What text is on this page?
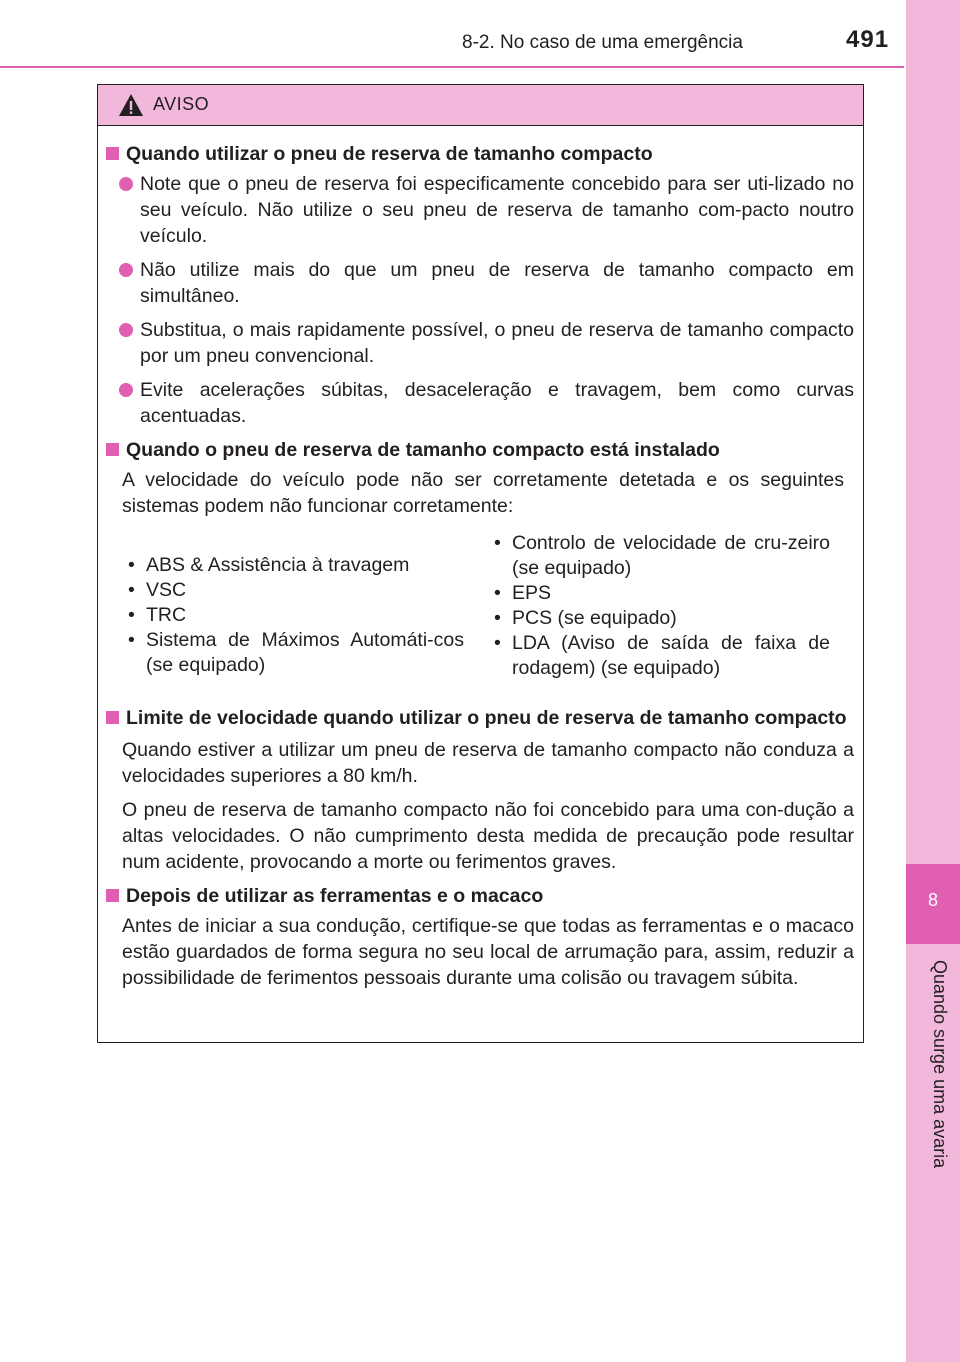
8-2. No caso de uma emergência	491
8
Quando surge uma avaria
AVISO
Quando utilizar o pneu de reserva de tamanho compacto
Note que o pneu de reserva foi especificamente concebido para ser uti-lizado no seu veículo. Não utilize o seu pneu de reserva de tamanho com-pacto noutro veículo.
Não utilize mais do que um pneu de reserva de tamanho compacto em simultâneo.
Substitua, o mais rapidamente possível, o pneu de reserva de tamanho compacto por um pneu convencional.
Evite acelerações súbitas, desaceleração e travagem, bem como curvas acentuadas.
Quando o pneu de reserva de tamanho compacto está instalado
A velocidade do veículo pode não ser corretamente detetada e os seguintes sistemas podem não funcionar corretamente:
• ABS & Assistência à travagem
• VSC
• TRC
• Sistema de Máximos Automáti-cos (se equipado)
• Controlo de velocidade de cru-zeiro (se equipado)
• EPS
• PCS (se equipado)
• LDA (Aviso de saída de faixa de rodagem) (se equipado)
Limite de velocidade quando utilizar o pneu de reserva de tamanho compacto
Quando estiver a utilizar um pneu de reserva de tamanho compacto não conduza a velocidades superiores a 80 km/h.
O pneu de reserva de tamanho compacto não foi concebido para uma con-dução a altas velocidades. O não cumprimento desta medida de precaução pode resultar num acidente, provocando a morte ou ferimentos graves.
Depois de utilizar as ferramentas e o macaco
Antes de iniciar a sua condução, certifique-se que todas as ferramentas e o macaco estão guardados de forma segura no seu local de arrumação para, assim, reduzir a possibilidade de ferimentos pessoais durante uma colisão ou travagem súbita.
